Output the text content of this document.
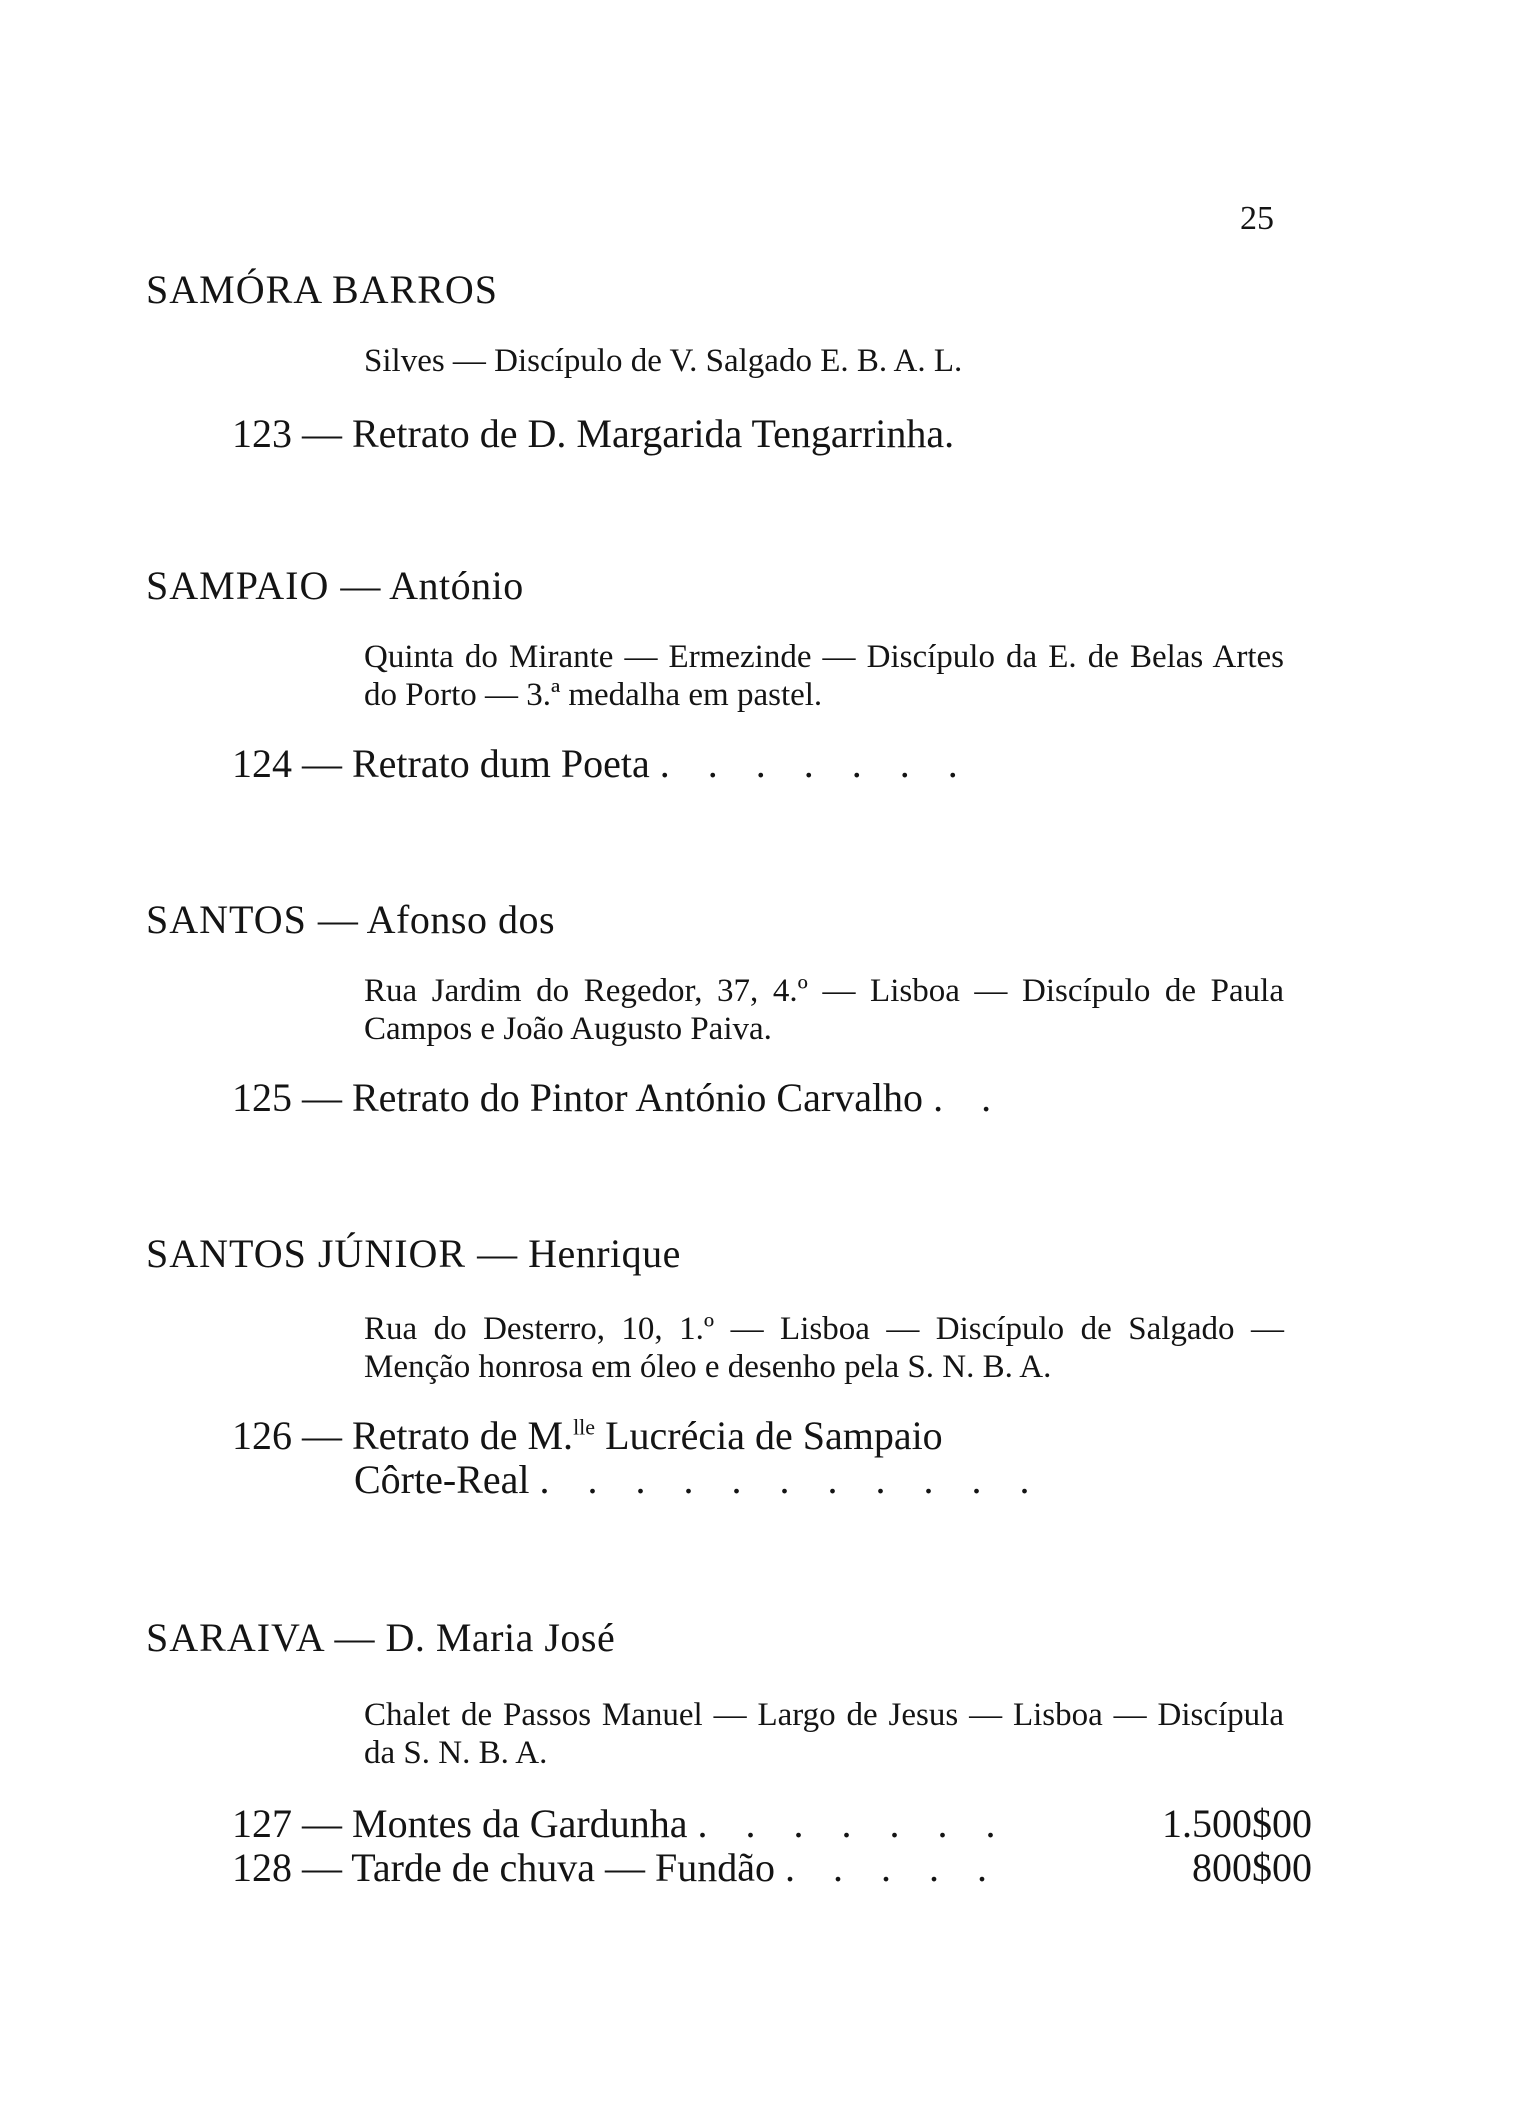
25
SAMÓRA BARROS
Silves — Discípulo de V. Salgado E. B. A. L.
123 — Retrato de D. Margarida Tengarrinha.
SAMPAIO — António
Quinta do Mirante — Ermezinde — Discípulo da E. de Belas Artes do Porto — 3.ª medalha em pastel.
124 — Retrato dum Poeta . . . . . . .
SANTOS — Afonso dos
Rua Jardim do Regedor, 37, 4.º — Lisboa — Discípulo de Paula Campos e João Augusto Paiva.
125 — Retrato do Pintor António Carvalho . .
SANTOS JÚNIOR — Henrique
Rua do Desterro, 10, 1.º — Lisboa — Discípulo de Salgado — Menção honrosa em óleo e desenho pela S. N. B. A.
126 — Retrato de M.$^{lle}$ Lucrécia de Sampaio
Côrte-Real . . . . . . . . . . .
SARAIVA — D. Maria José
Chalet de Passos Manuel — Largo de Jesus — Lisboa — Discípula da S. N. B. A.
127 — Montes da Gardunha . . . . . . .	1.500$00
128 — Tarde de chuva — Fundão . . . . .	800$00
